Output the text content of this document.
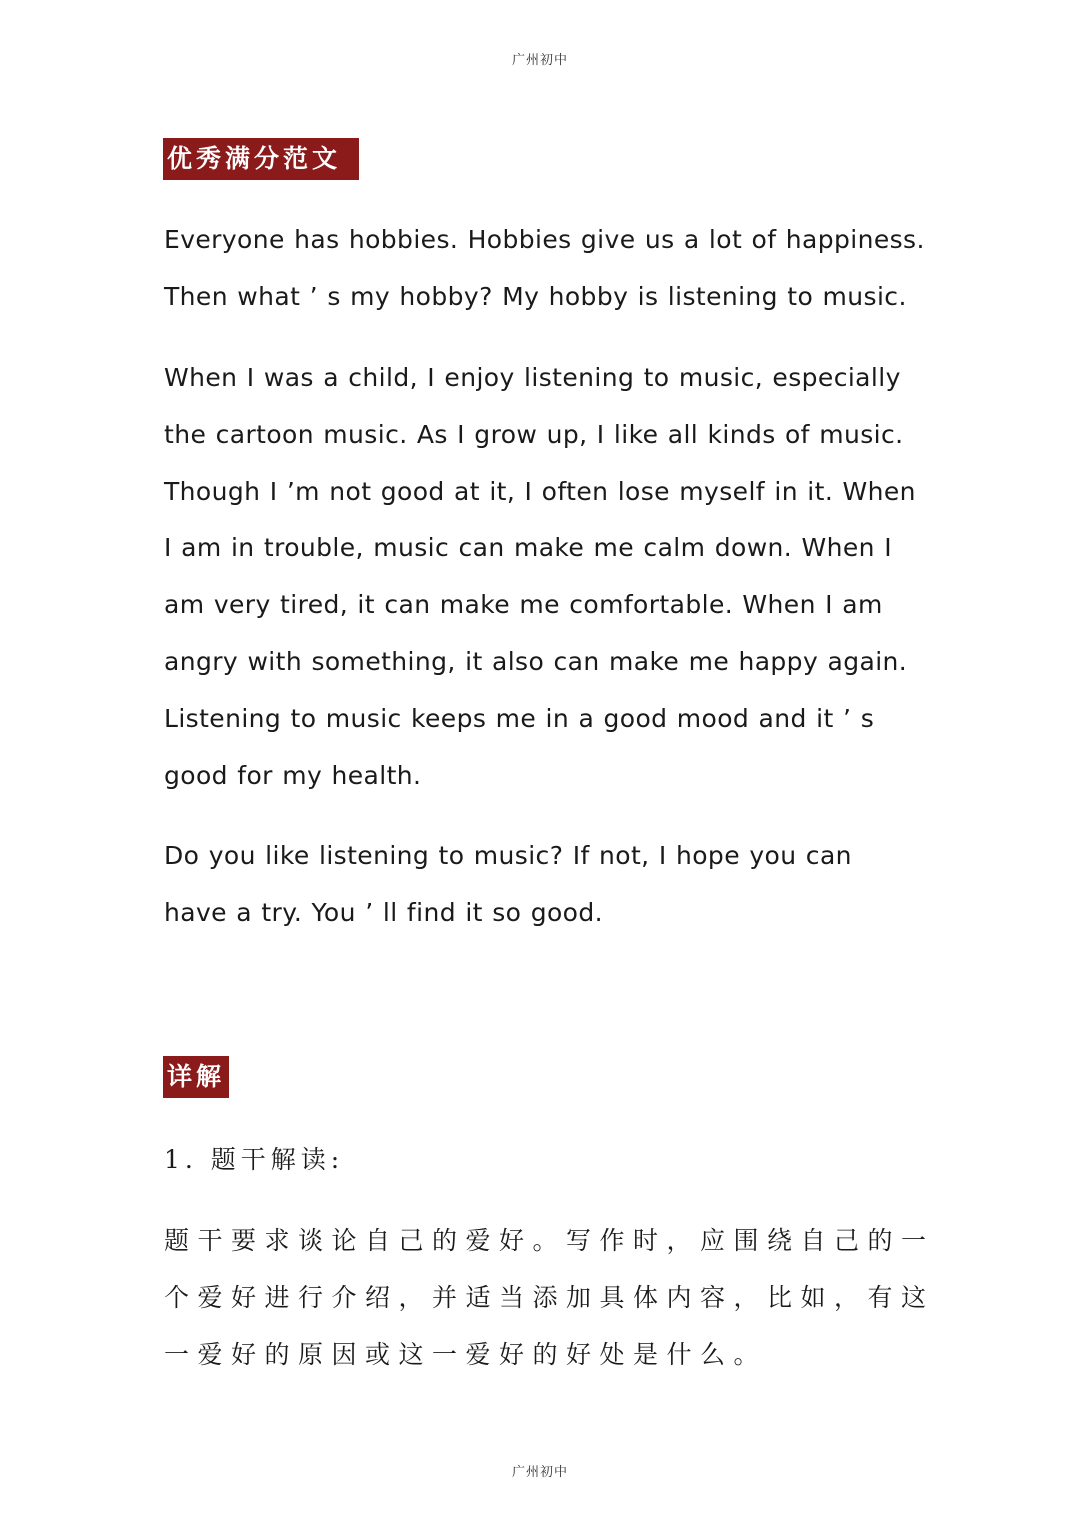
广州初中
优秀满分范文
Everyone has hobbies. Hobbies give us a lot of happiness.
Then what ’ s my hobby? My hobby is listening to music.
When I was a child, I enjoy listening to music, especially
the cartoon music. As I grow up, I like all kinds of music.
Though I ’m not good at it, I often lose myself in it. When
I am in trouble, music can make me calm down. When I
am very tired, it can make me comfortable. When I am
angry with something, it also can make me happy again.
Listening to music keeps me in a good mood and it ’ s
good for my health.
Do you like listening to music? If not, I hope you can
have a try. You ’ ll find it so good.
详解
1. 题干解读:
题干要求谈论自己的爱好。写作时，应围绕自己的一
个爱好进行介绍，并适当添加具体内容，比如，有这
一爱好的原因或这一爱好的好处是什么。
广州初中
